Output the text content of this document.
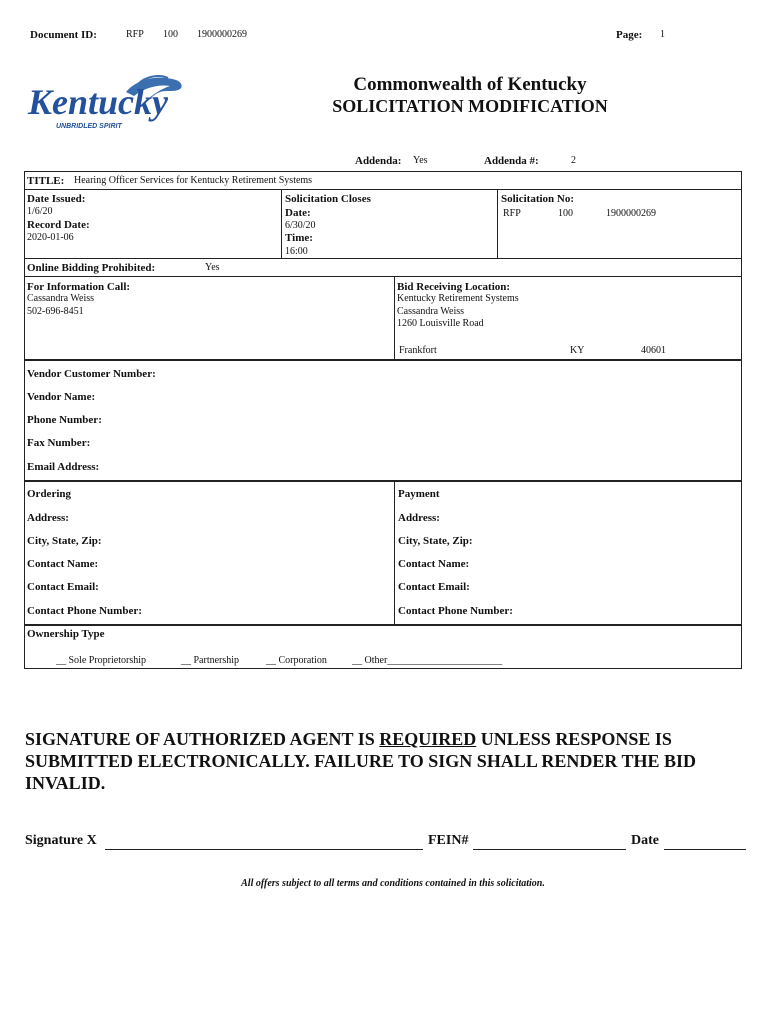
Document ID:	RFP 100 1900000269	Page: 1
Kentucky
UNBRIDLED SPIRIT
Commonwealth of Kentucky
SOLICITATION MODIFICATION
Addenda: Yes	Addenda #:	2
TITLE: Hearing Officer Services for Kentucky Retirement Systems
Date Issued:
1/6/20
Record Date:
2020-01-06
Solicitation Closes
Date:
6/30/20
Time:
16:00
Solicitation No:
RFP	100	1900000269
Online Bidding Prohibited:	Yes
For Information Call:
Cassandra Weiss
502-696-8451
Bid Receiving Location:
Kentucky Retirement Systems
Cassandra Weiss
1260 Louisville Road
Frankfort	KY	40601
Vendor Customer Number:
Vendor Name:
Phone Number:
Fax Number:
Email Address:
Ordering
Address:
City, State, Zip:
Contact Name:
Contact Email:
Contact Phone Number:
Payment
Address:
City, State, Zip:
Contact Name:
Contact Email:
Contact Phone Number:
Ownership Type
__ Sole Proprietorship	__ Partnership	__ Corporation	__ Other_______________________
SIGNATURE OF AUTHORIZED AGENT IS REQUIRED UNLESS RESPONSE IS SUBMITTED ELECTRONICALLY. FAILURE TO SIGN SHALL RENDER THE BID INVALID.
Signature X	FEIN#	Date
All offers subject to all terms and conditions contained in this solicitation.
